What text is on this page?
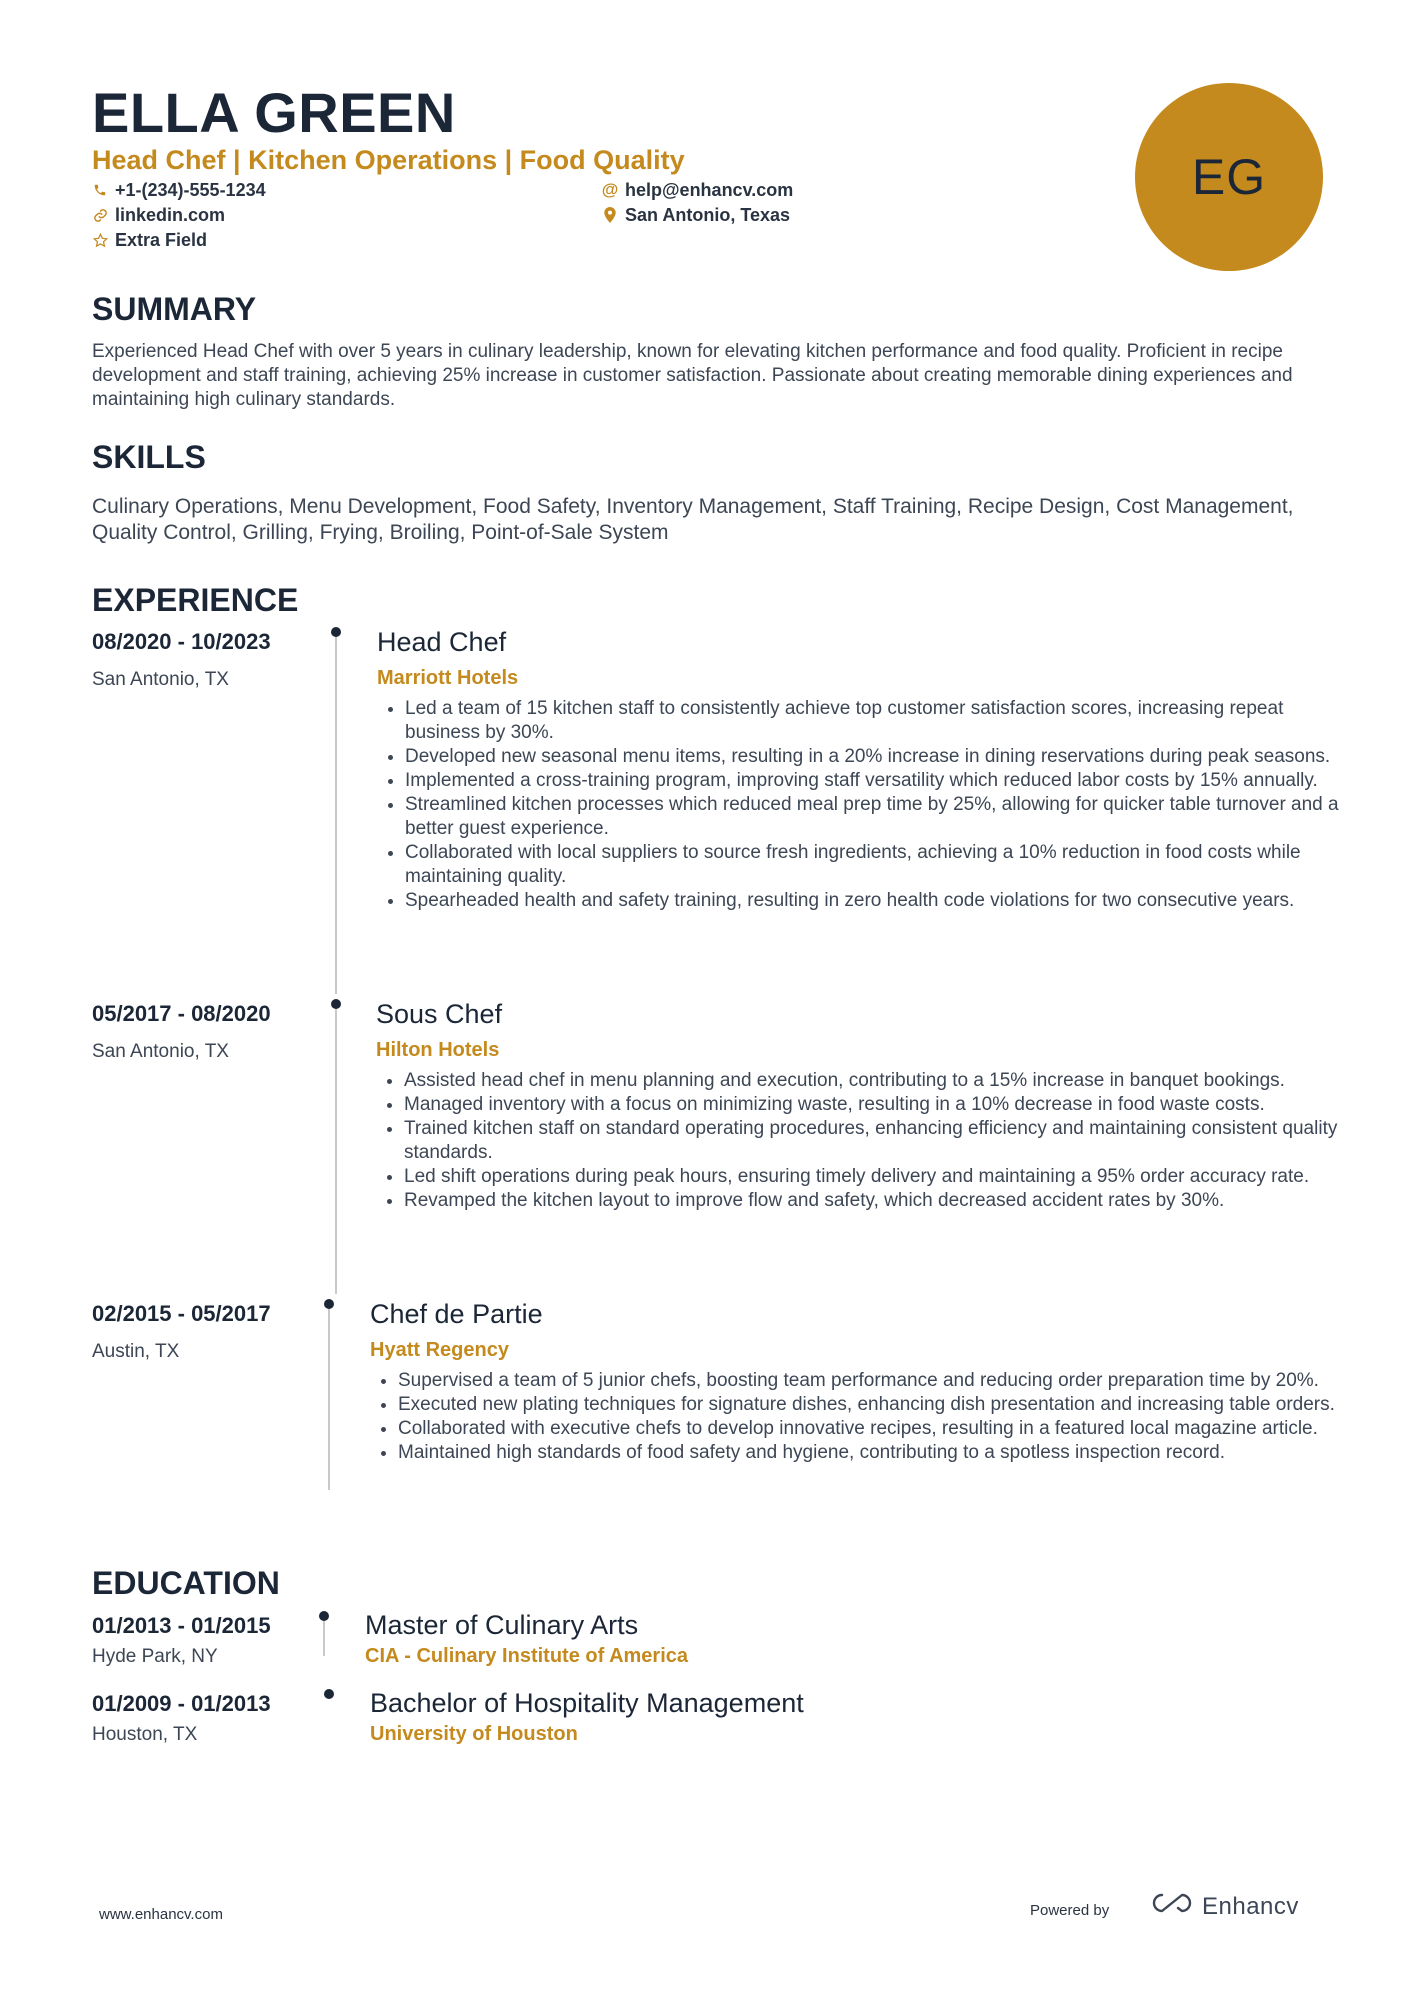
ELLA GREEN
Head Chef | Kitchen Operations | Food Quality
+1-(234)-555-1234	@ help@enhancv.com
linkedin.com	San Antonio, Texas
Extra Field
EG
SUMMARY
Experienced Head Chef with over 5 years in culinary leadership, known for elevating kitchen performance and food quality. Proficient in recipe development and staff training, achieving 25% increase in customer satisfaction. Passionate about creating memorable dining experiences and maintaining high culinary standards.
SKILLS
Culinary Operations, Menu Development, Food Safety, Inventory Management, Staff Training, Recipe Design, Cost Management, Quality Control, Grilling, Frying, Broiling, Point-of-Sale System
EXPERIENCE
08/2020 - 10/2023
San Antonio, TX
Head Chef
Marriott Hotels
• Led a team of 15 kitchen staff to consistently achieve top customer satisfaction scores, increasing repeat business by 30%.
• Developed new seasonal menu items, resulting in a 20% increase in dining reservations during peak seasons.
• Implemented a cross-training program, improving staff versatility which reduced labor costs by 15% annually.
• Streamlined kitchen processes which reduced meal prep time by 25%, allowing for quicker table turnover and a better guest experience.
• Collaborated with local suppliers to source fresh ingredients, achieving a 10% reduction in food costs while maintaining quality.
• Spearheaded health and safety training, resulting in zero health code violations for two consecutive years.
05/2017 - 08/2020
San Antonio, TX
Sous Chef
Hilton Hotels
• Assisted head chef in menu planning and execution, contributing to a 15% increase in banquet bookings.
• Managed inventory with a focus on minimizing waste, resulting in a 10% decrease in food waste costs.
• Trained kitchen staff on standard operating procedures, enhancing efficiency and maintaining consistent quality standards.
• Led shift operations during peak hours, ensuring timely delivery and maintaining a 95% order accuracy rate.
• Revamped the kitchen layout to improve flow and safety, which decreased accident rates by 30%.
02/2015 - 05/2017
Austin, TX
Chef de Partie
Hyatt Regency
• Supervised a team of 5 junior chefs, boosting team performance and reducing order preparation time by 20%.
• Executed new plating techniques for signature dishes, enhancing dish presentation and increasing table orders.
• Collaborated with executive chefs to develop innovative recipes, resulting in a featured local magazine article.
• Maintained high standards of food safety and hygiene, contributing to a spotless inspection record.
EDUCATION
01/2013 - 01/2015
Hyde Park, NY
Master of Culinary Arts
CIA - Culinary Institute of America
01/2009 - 01/2013
Houston, TX
Bachelor of Hospitality Management
University of Houston
www.enhancv.com	Powered by	Enhancv
